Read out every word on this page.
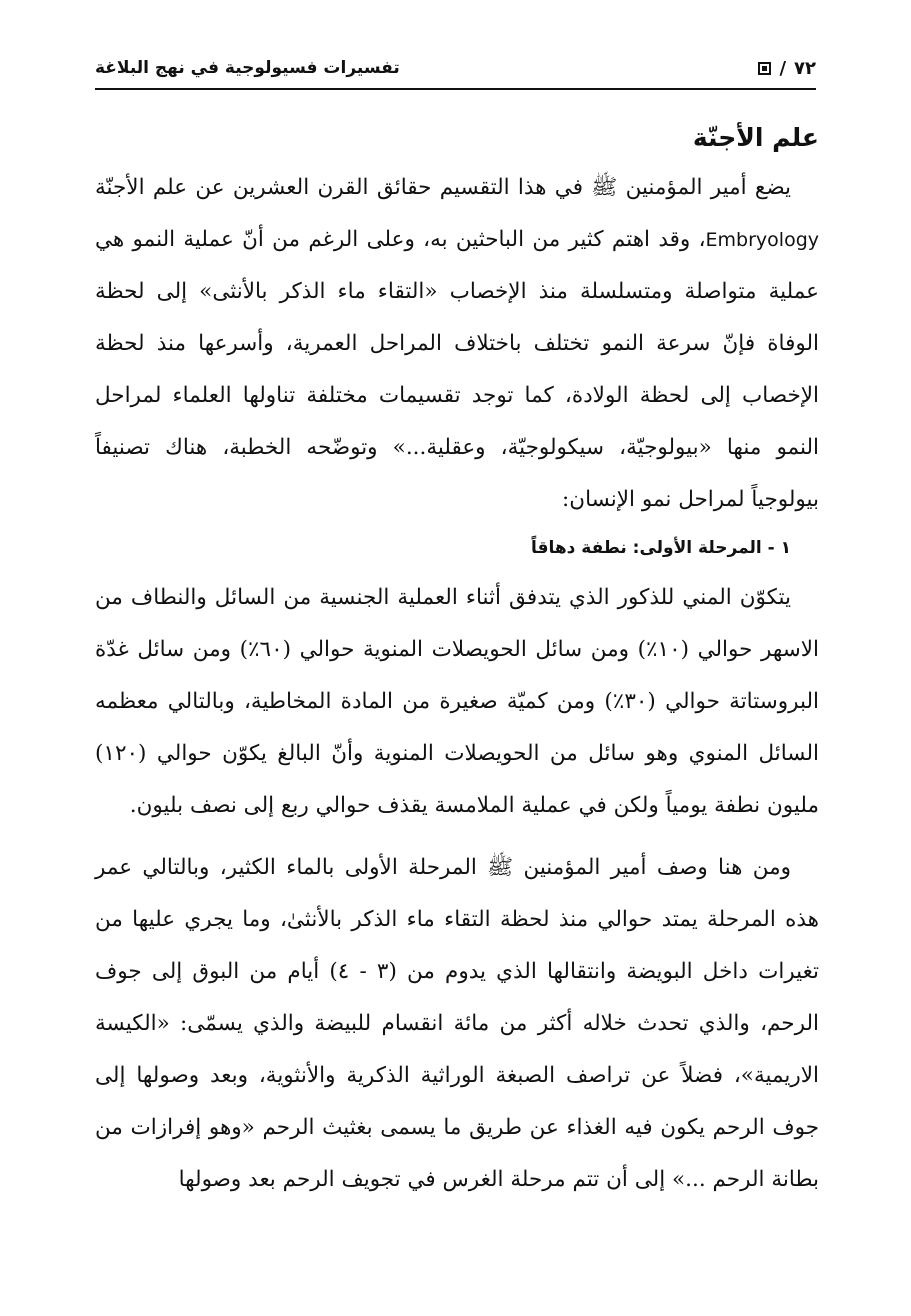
٧٢
/
تفسيرات فسيولوجية في نهج البلاغة
علم الأجنّة

يضع أمير المؤمنين ﷺ في هذا التقسيم حقائق القرن العشرين عن علم الأجنّة Embryology، وقد اهتم كثير من الباحثين به، وعلى الرغم من أنّ عملية النمو هي عملية متواصلة ومتسلسلة منذ الإخصاب «التقاء ماء الذكر بالأنثى» إلى لحظة الوفاة فإنّ سرعة النمو تختلف باختلاف المراحل العمرية، وأسرعها منذ لحظة الإخصاب إلى لحظة الولادة، كما توجد تقسيمات مختلفة تناولها العلماء لمراحل النمو منها «بيولوجيّة، سيكولوجيّة، وعقلية...» وتوضّحه الخطبة، هناك تصنيفاً بيولوجياً لمراحل نمو الإنسان:

١ - المرحلة الأولى: نطفة دهاقاً

يتكوّن المني للذكور الذي يتدفق أثناء العملية الجنسية من السائل والنطاف من الاسهر حوالي (١٠٪) ومن سائل الحويصلات المنوية حوالي (٦٠٪) ومن سائل غدّة البروستاتة حوالي (٣٠٪) ومن كميّة صغيرة من المادة المخاطية، وبالتالي معظمه السائل المنوي وهو سائل من الحويصلات المنوية وأنّ البالغ يكوّن حوالي (١٢٠) مليون نطفة يومياً ولكن في عملية الملامسة يقذف حوالي ربع إلى نصف بليون.

ومن هنا وصف أمير المؤمنين ﷺ المرحلة الأولى بالماء الكثير، وبالتالي عمر هذه المرحلة يمتد حوالي منذ لحظة التقاء ماء الذكر بالأنثىٰ، وما يجري عليها من تغيرات داخل البويضة وانتقالها الذي يدوم من (٣ - ٤) أيام من البوق إلى جوف الرحم، والذي تحدث خلاله أكثر من مائة انقسام للبيضة والذي يسمّى: «الكيسة الاريمية»، فضلاً عن تراصف الصبغة الوراثية الذكرية والأنثوية، وبعد وصولها إلى جوف الرحم يكون فيه الغذاء عن طريق ما يسمى بغثيث الرحم «وهو إفرازات من بطانة الرحم ...» إلى أن تتم مرحلة الغرس في تجويف الرحم بعد وصولها
